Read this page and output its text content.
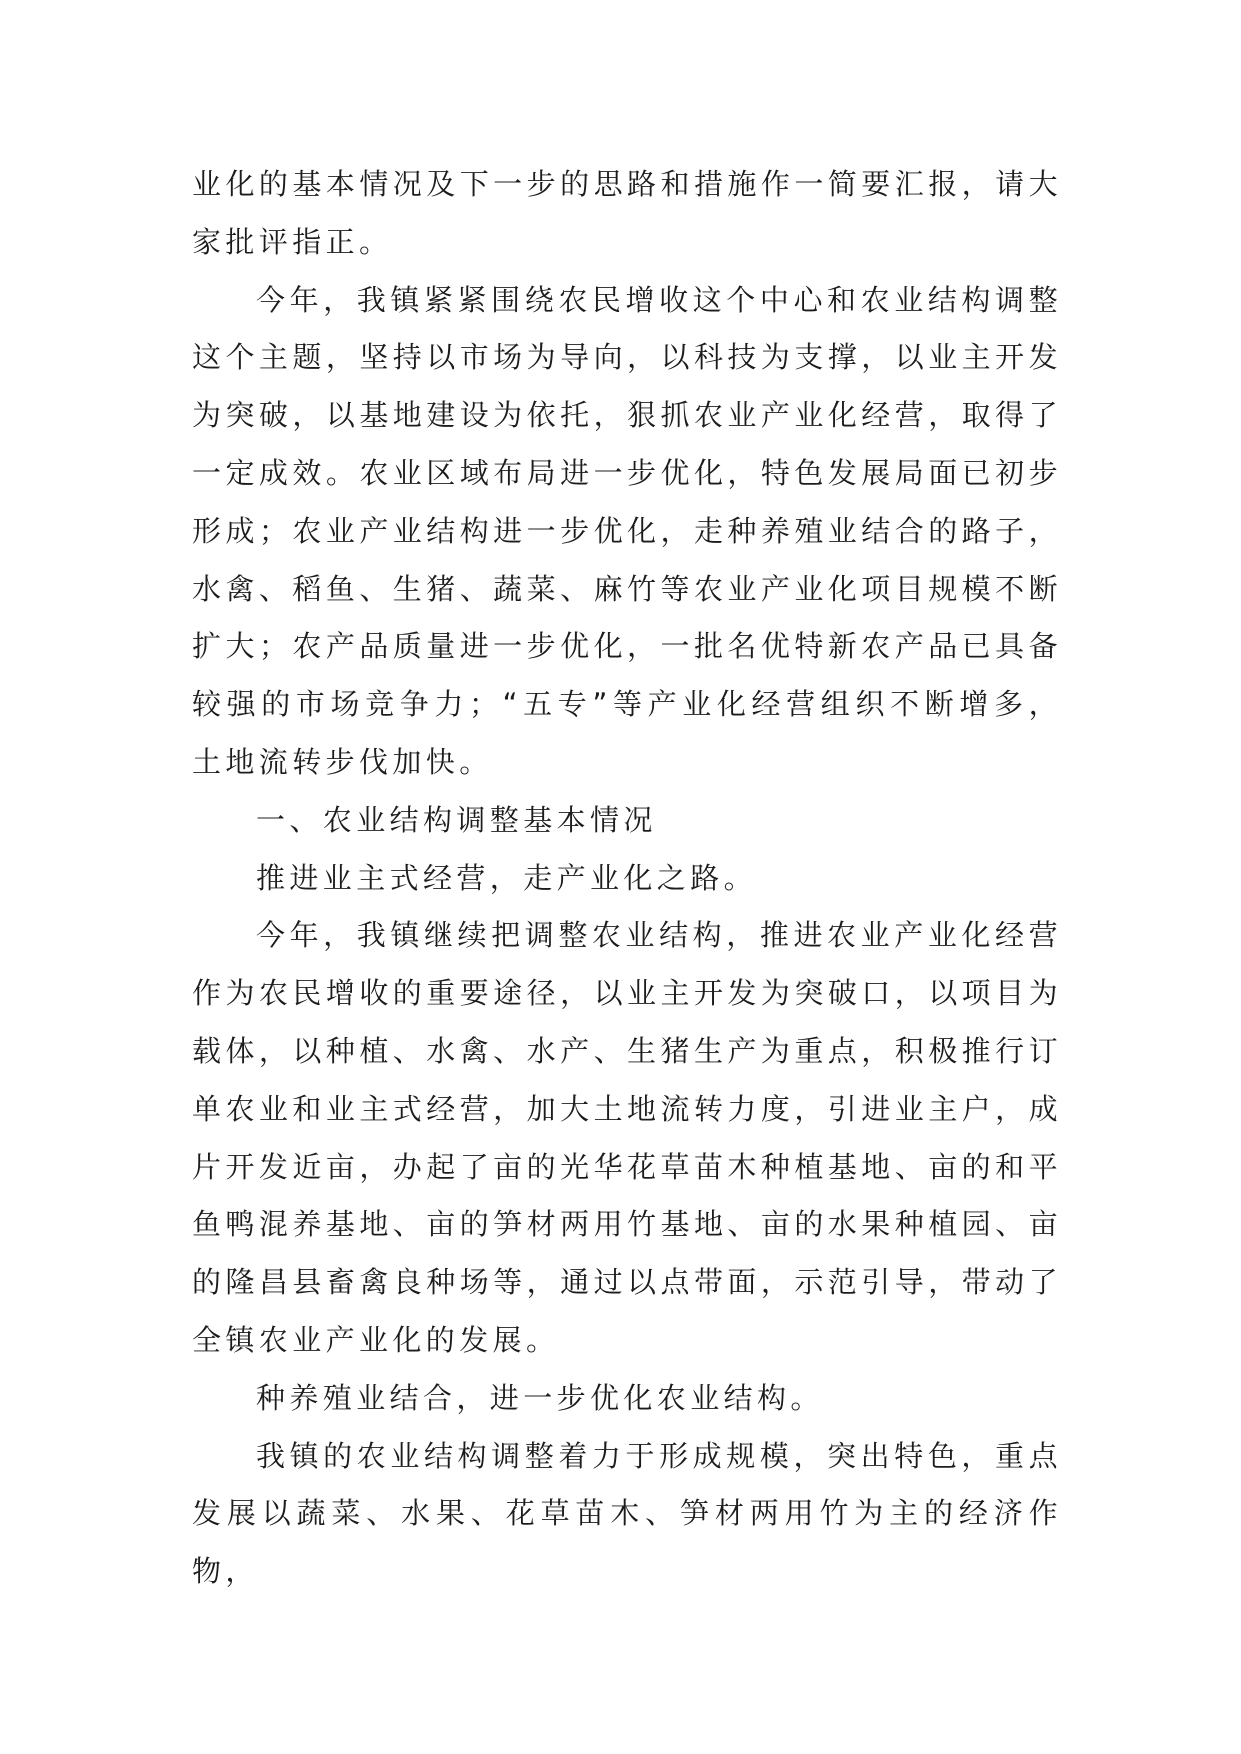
业化的基本情况及下一步的思路和措施作一简要汇报，请大家批评指正。

今年，我镇紧紧围绕农民增收这个中心和农业结构调整这个主题，坚持以市场为导向，以科技为支撑，以业主开发为突破，以基地建设为依托，狠抓农业产业化经营，取得了一定成效。农业区域布局进一步优化，特色发展局面已初步形成；农业产业结构进一步优化，走种养殖业结合的路子，水禽、稻鱼、生猪、蔬菜、麻竹等农业产业化项目规模不断扩大；农产品质量进一步优化，一批名优特新农产品已具备较强的市场竞争力；“五专”等产业化经营组织不断增多，土地流转步伐加快。

一、农业结构调整基本情况

推进业主式经营，走产业化之路。

今年，我镇继续把调整农业结构，推进农业产业化经营作为农民增收的重要途径，以业主开发为突破口，以项目为载体，以种植、水禽、水产、生猪生产为重点，积极推行订单农业和业主式经营，加大土地流转力度，引进业主户，成片开发近亩，办起了亩的光华花草苗木种植基地、亩的和平鱼鸭混养基地、亩的笋材两用竹基地、亩的水果种植园、亩的隆昌县畜禽良种场等，通过以点带面，示范引导，带动了全镇农业产业化的发展。

种养殖业结合，进一步优化农业结构。

我镇的农业结构调整着力于形成规模，突出特色，重点发展以蔬菜、水果、花草苗木、笋材两用竹为主的经济作物，
